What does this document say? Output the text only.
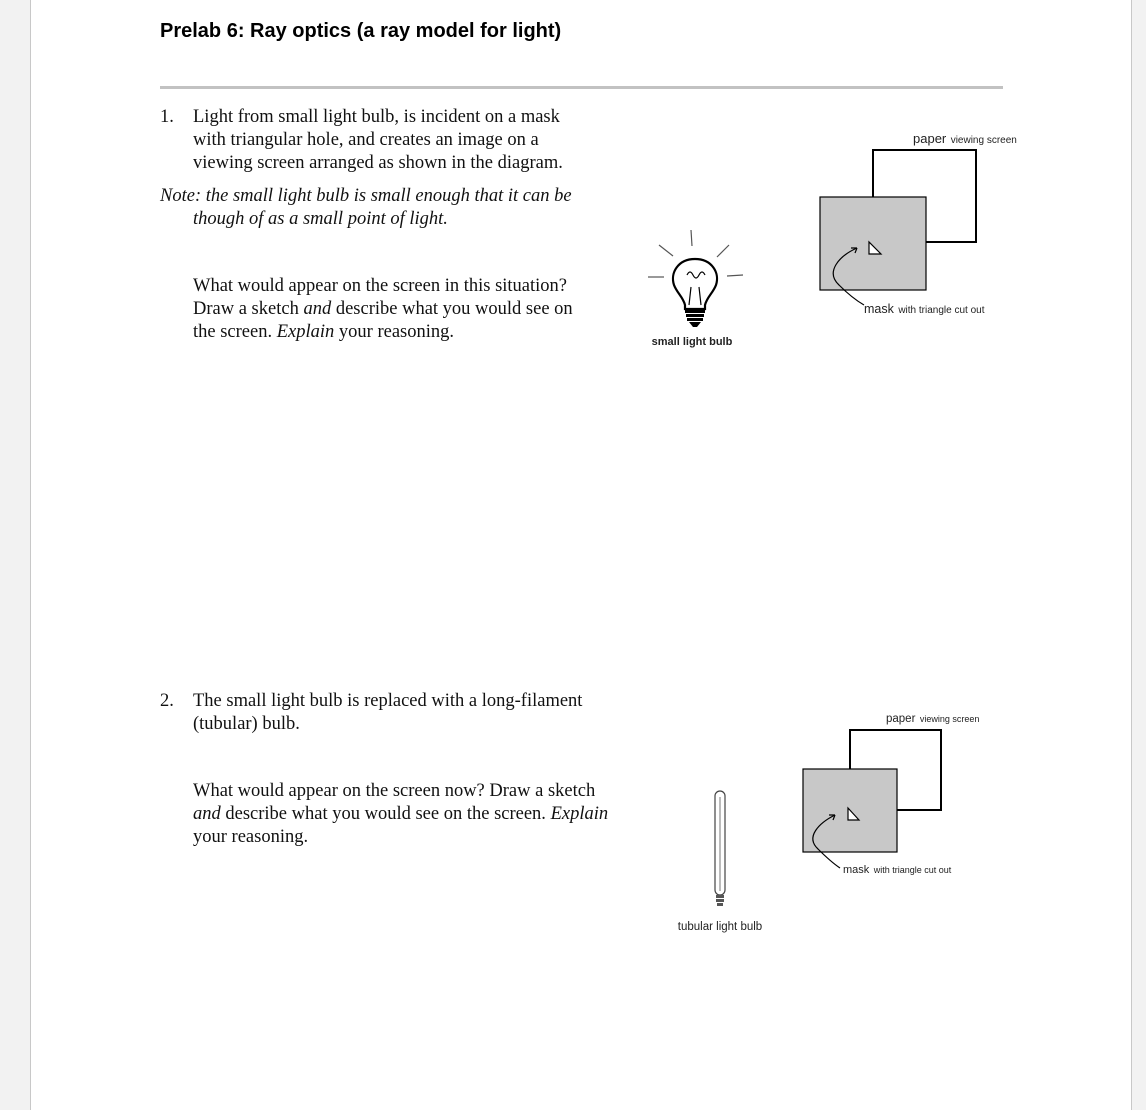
Prelab 6: Ray optics (a ray model for light)
1. Light from small light bulb, is incident on a mask
with triangular hole, and creates an image on a
viewing screen arranged as shown in the diagram.
Note: the small light bulb is small enough that it can be
though of as a small point of light.
What would appear on the screen in this situation?
Draw a sketch and describe what you would see on
the screen. Explain your reasoning.	small light bulb
paper viewing screen
mask with triangle cut out
2. The small light bulb is replaced with a long-filament
(tubular) bulb.
What would appear on the screen now? Draw a sketch
and describe what you would see on the screen. Explain
your reasoning.
tubular light bulb
paper viewing screen
mask with triangle cut out
